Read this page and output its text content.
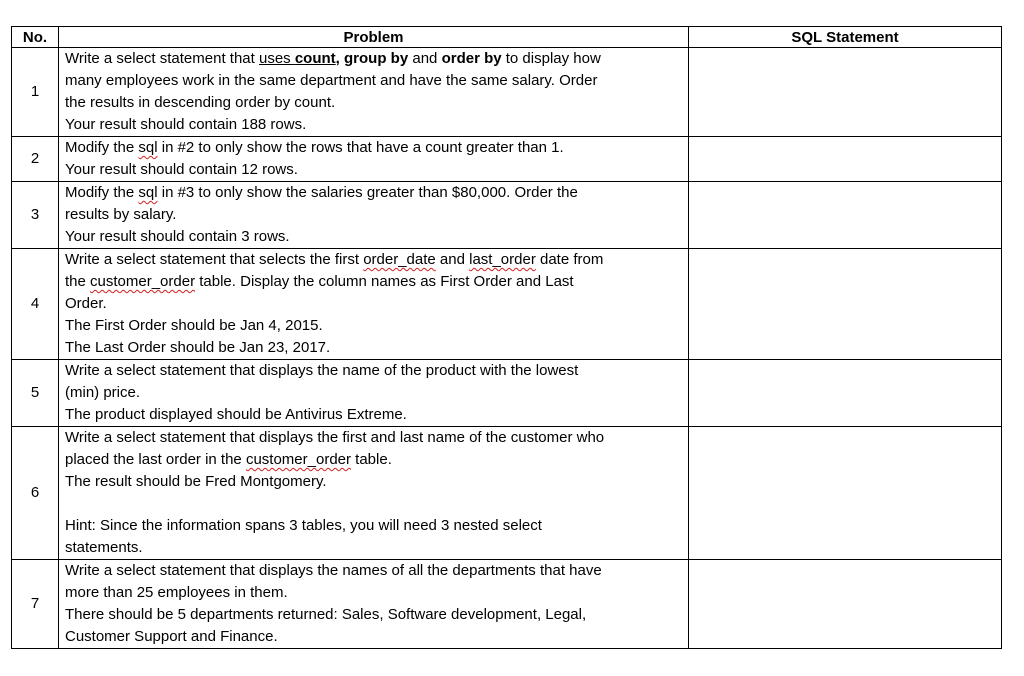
No.	Problem	SQL Statement
1	Write a select statement that uses count, group by and order by to display how
many employees work in the same department and have the same salary. Order
the results in descending order by count.
Your result should contain 188 rows.	

2	Modify the sql in #2 to only show the rows that have a count greater than 1.
Your result should contain 12 rows.	

3	Modify the sql in #3 to only show the salaries greater than $80,000. Order the
results by salary.
Your result should contain 3 rows.	

4	Write a select statement that selects the first order_date and last_order date from
the customer_order table. Display the column names as First Order and Last
Order.
The First Order should be Jan 4, 2015.
The Last Order should be Jan 23, 2017.	

5	Write a select statement that displays the name of the product with the lowest
(min) price.
The product displayed should be Antivirus Extreme.	

6	Write a select statement that displays the first and last name of the customer who
placed the last order in the customer_order table.
The result should be Fred Montgomery.
Hint: Since the information spans 3 tables, you will need 3 nested select
statements.	

7	Write a select statement that displays the names of all the departments that have
more than 25 employees in them.
There should be 5 departments returned: Sales, Software development, Legal,
Customer Support and Finance.	
